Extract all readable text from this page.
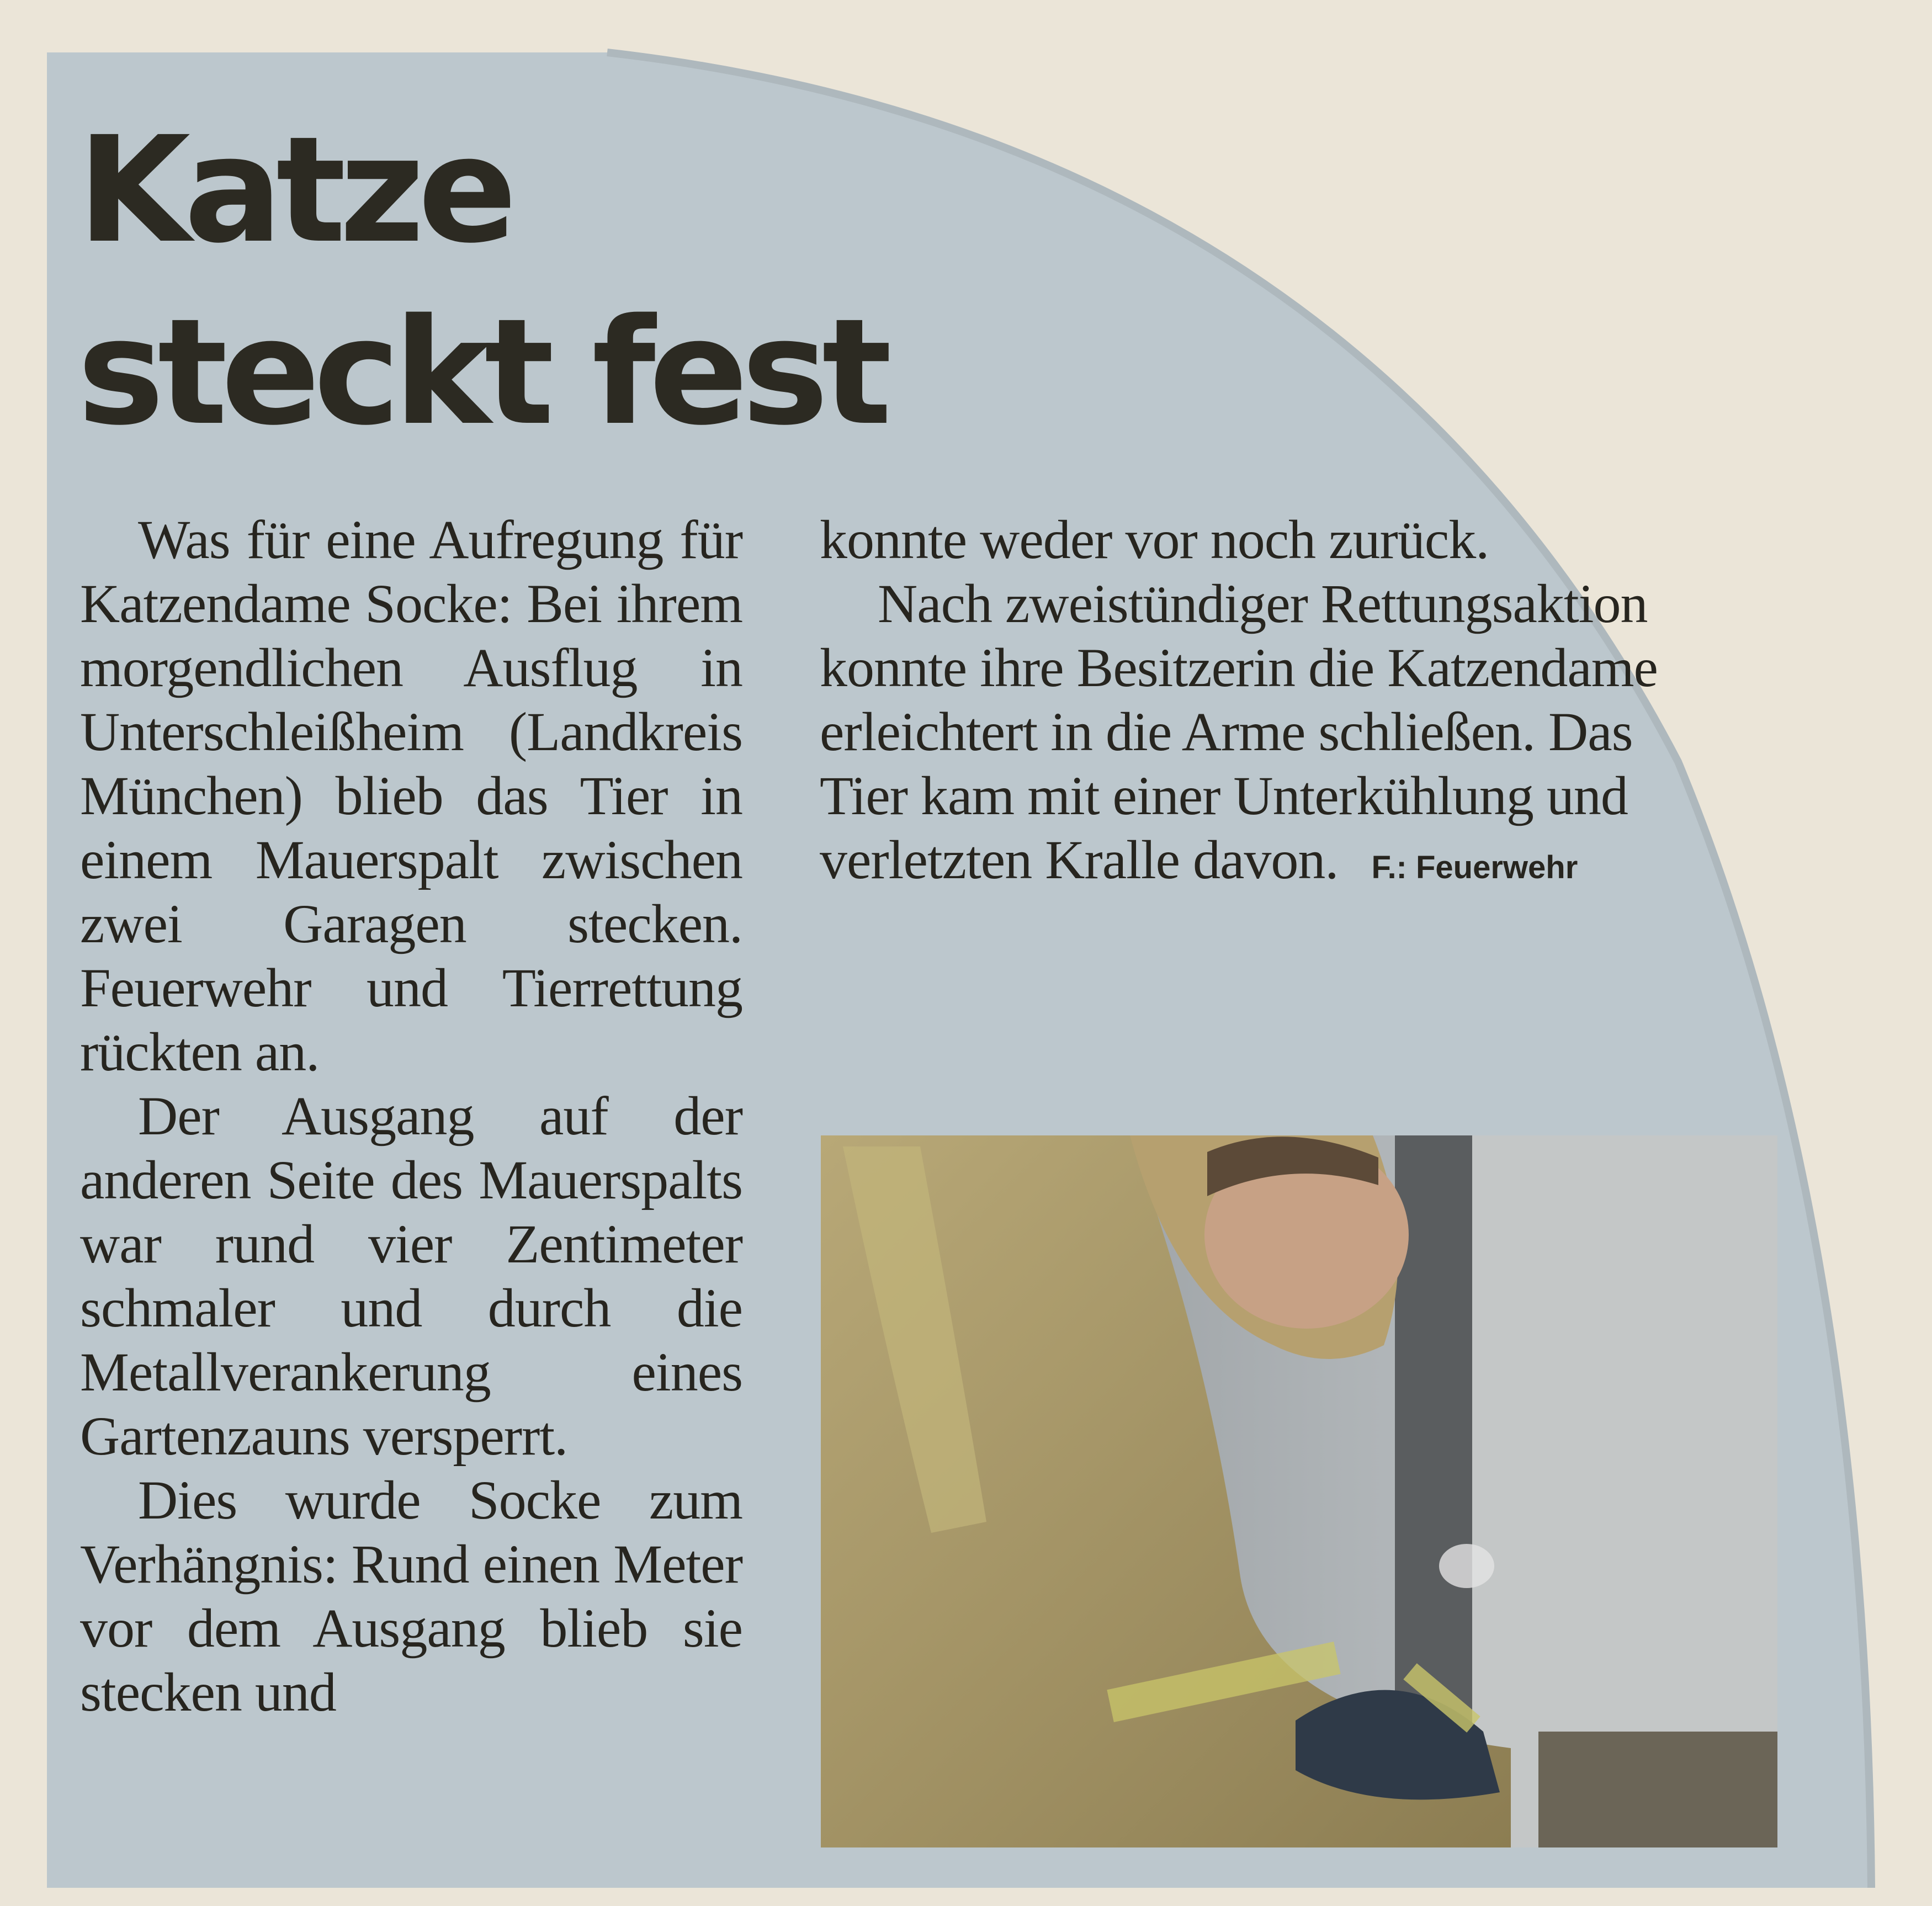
Katze
steckt fest

Was für eine Aufregung für Katzendame Socke: Bei ihrem morgendlichen Ausflug in Unterschleißheim (Landkreis München) blieb das Tier in einem Mauerspalt zwischen zwei Garagen stecken. Feuerwehr und Tierrettung rückten an.

Der Ausgang auf der anderen Seite des Mauerspalts war rund vier Zentimeter schmaler und durch die Metallverankerung eines Gartenzauns versperrt.

Dies wurde Socke zum Verhängnis: Rund einen Meter vor dem Ausgang blieb sie stecken und

konnte weder vor noch zurück.

Nach zweistündiger Rettungsaktion konnte ihre Besitzerin die Katzendame erleichtert in die Arme schließen. Das Tier kam mit einer Unterkühlung und verletzten Kralle davon. F.: Feuerwehr
